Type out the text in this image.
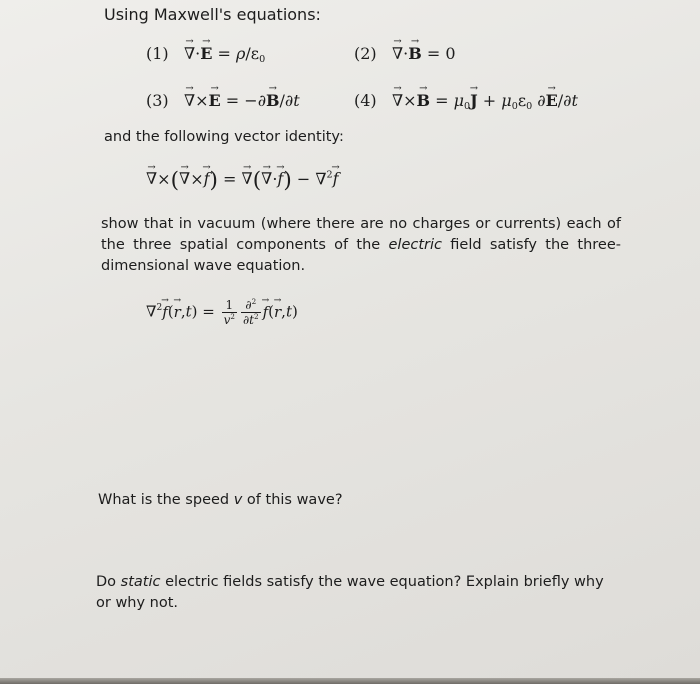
Using Maxwell's equations:
(1)   → ∇·→ $E = \rho/\varepsilon_0$	(2)   → ∇·→ B = 0
(3)   → ∇×→ E = −∂→ B/∂t	(4)   → ∇×→ $B = \mu_0\to J + \mu_0\varepsilon_0$ ∂→ E/∂t
and the following vector identity:
→ ∇×(→ ∇×→ f) = → ∇(→ ∇·→ f) − ∇$^2$→ f
show that in vacuum (where there are no charges or currents) each of the three spatial components of the electric field satisfy the three-dimensional wave equation.
$\nabla^2\to f(\to r,t) = \frac{1}{v^2} \frac{\partial^2}{\partial t^2}$
→ f(→ r,t)
What is the speed v of this wave?
Do static electric fields satisfy the wave equation? Explain briefly why or why not.
